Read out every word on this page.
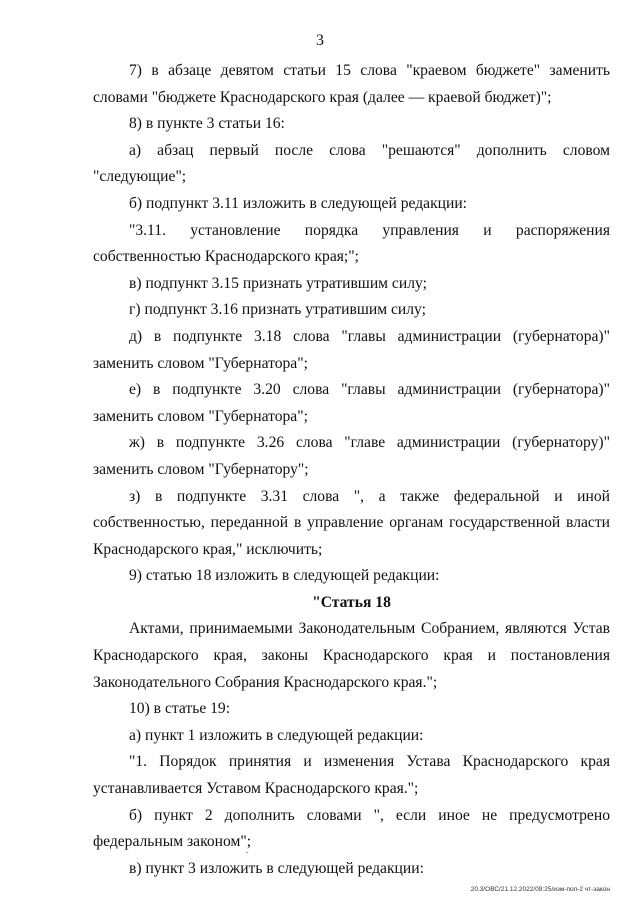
3

7) в абзаце девятом статьи 15 слова "краевом бюджете" заменить словами "бюджете Краснодарского края (далее — краевой бюджет)";

8) в пункте 3 статьи 16:

а) абзац первый после слова "решаются" дополнить словом "следующие";

б) подпункт 3.11 изложить в следующей редакции:

"3.11. установление порядка управления и распоряжения собственностью Краснодарского края;";

в) подпункт 3.15 признать утратившим силу;

г) подпункт 3.16 признать утратившим силу;

д) в подпункте 3.18 слова "главы администрации (губернатора)" заменить словом "Губернатора";

е) в подпункте 3.20 слова "главы администрации (губернатора)" заменить словом "Губернатора";

ж) в подпункте 3.26 слова "главе администрации (губернатору)" заменить словом "Губернатору";

з) в подпункте 3.31 слова ", а также федеральной и иной собственностью, переданной в управление органам государственной власти Краснодарского края," исключить;

9) статью 18 изложить в следующей редакции:

"Статья 18

Актами, принимаемыми Законодательным Собранием, являются Устав Краснодарского края, законы Краснодарского края и постановления Законодательного Собрания Краснодарского края.";

10) в статье 19:

а) пункт 1 изложить в следующей редакции:

"1. Порядок принятия и изменения Устава Краснодарского края устанавливается Уставом Краснодарского края.";

б) пункт 2 дополнить словами ", если иное не предусмотрено федеральным законом";

в) пункт 3 изложить в следующей редакции:

20.3/ОВС/21.12.2022/09:25/изм-поп-2 чт-закон
